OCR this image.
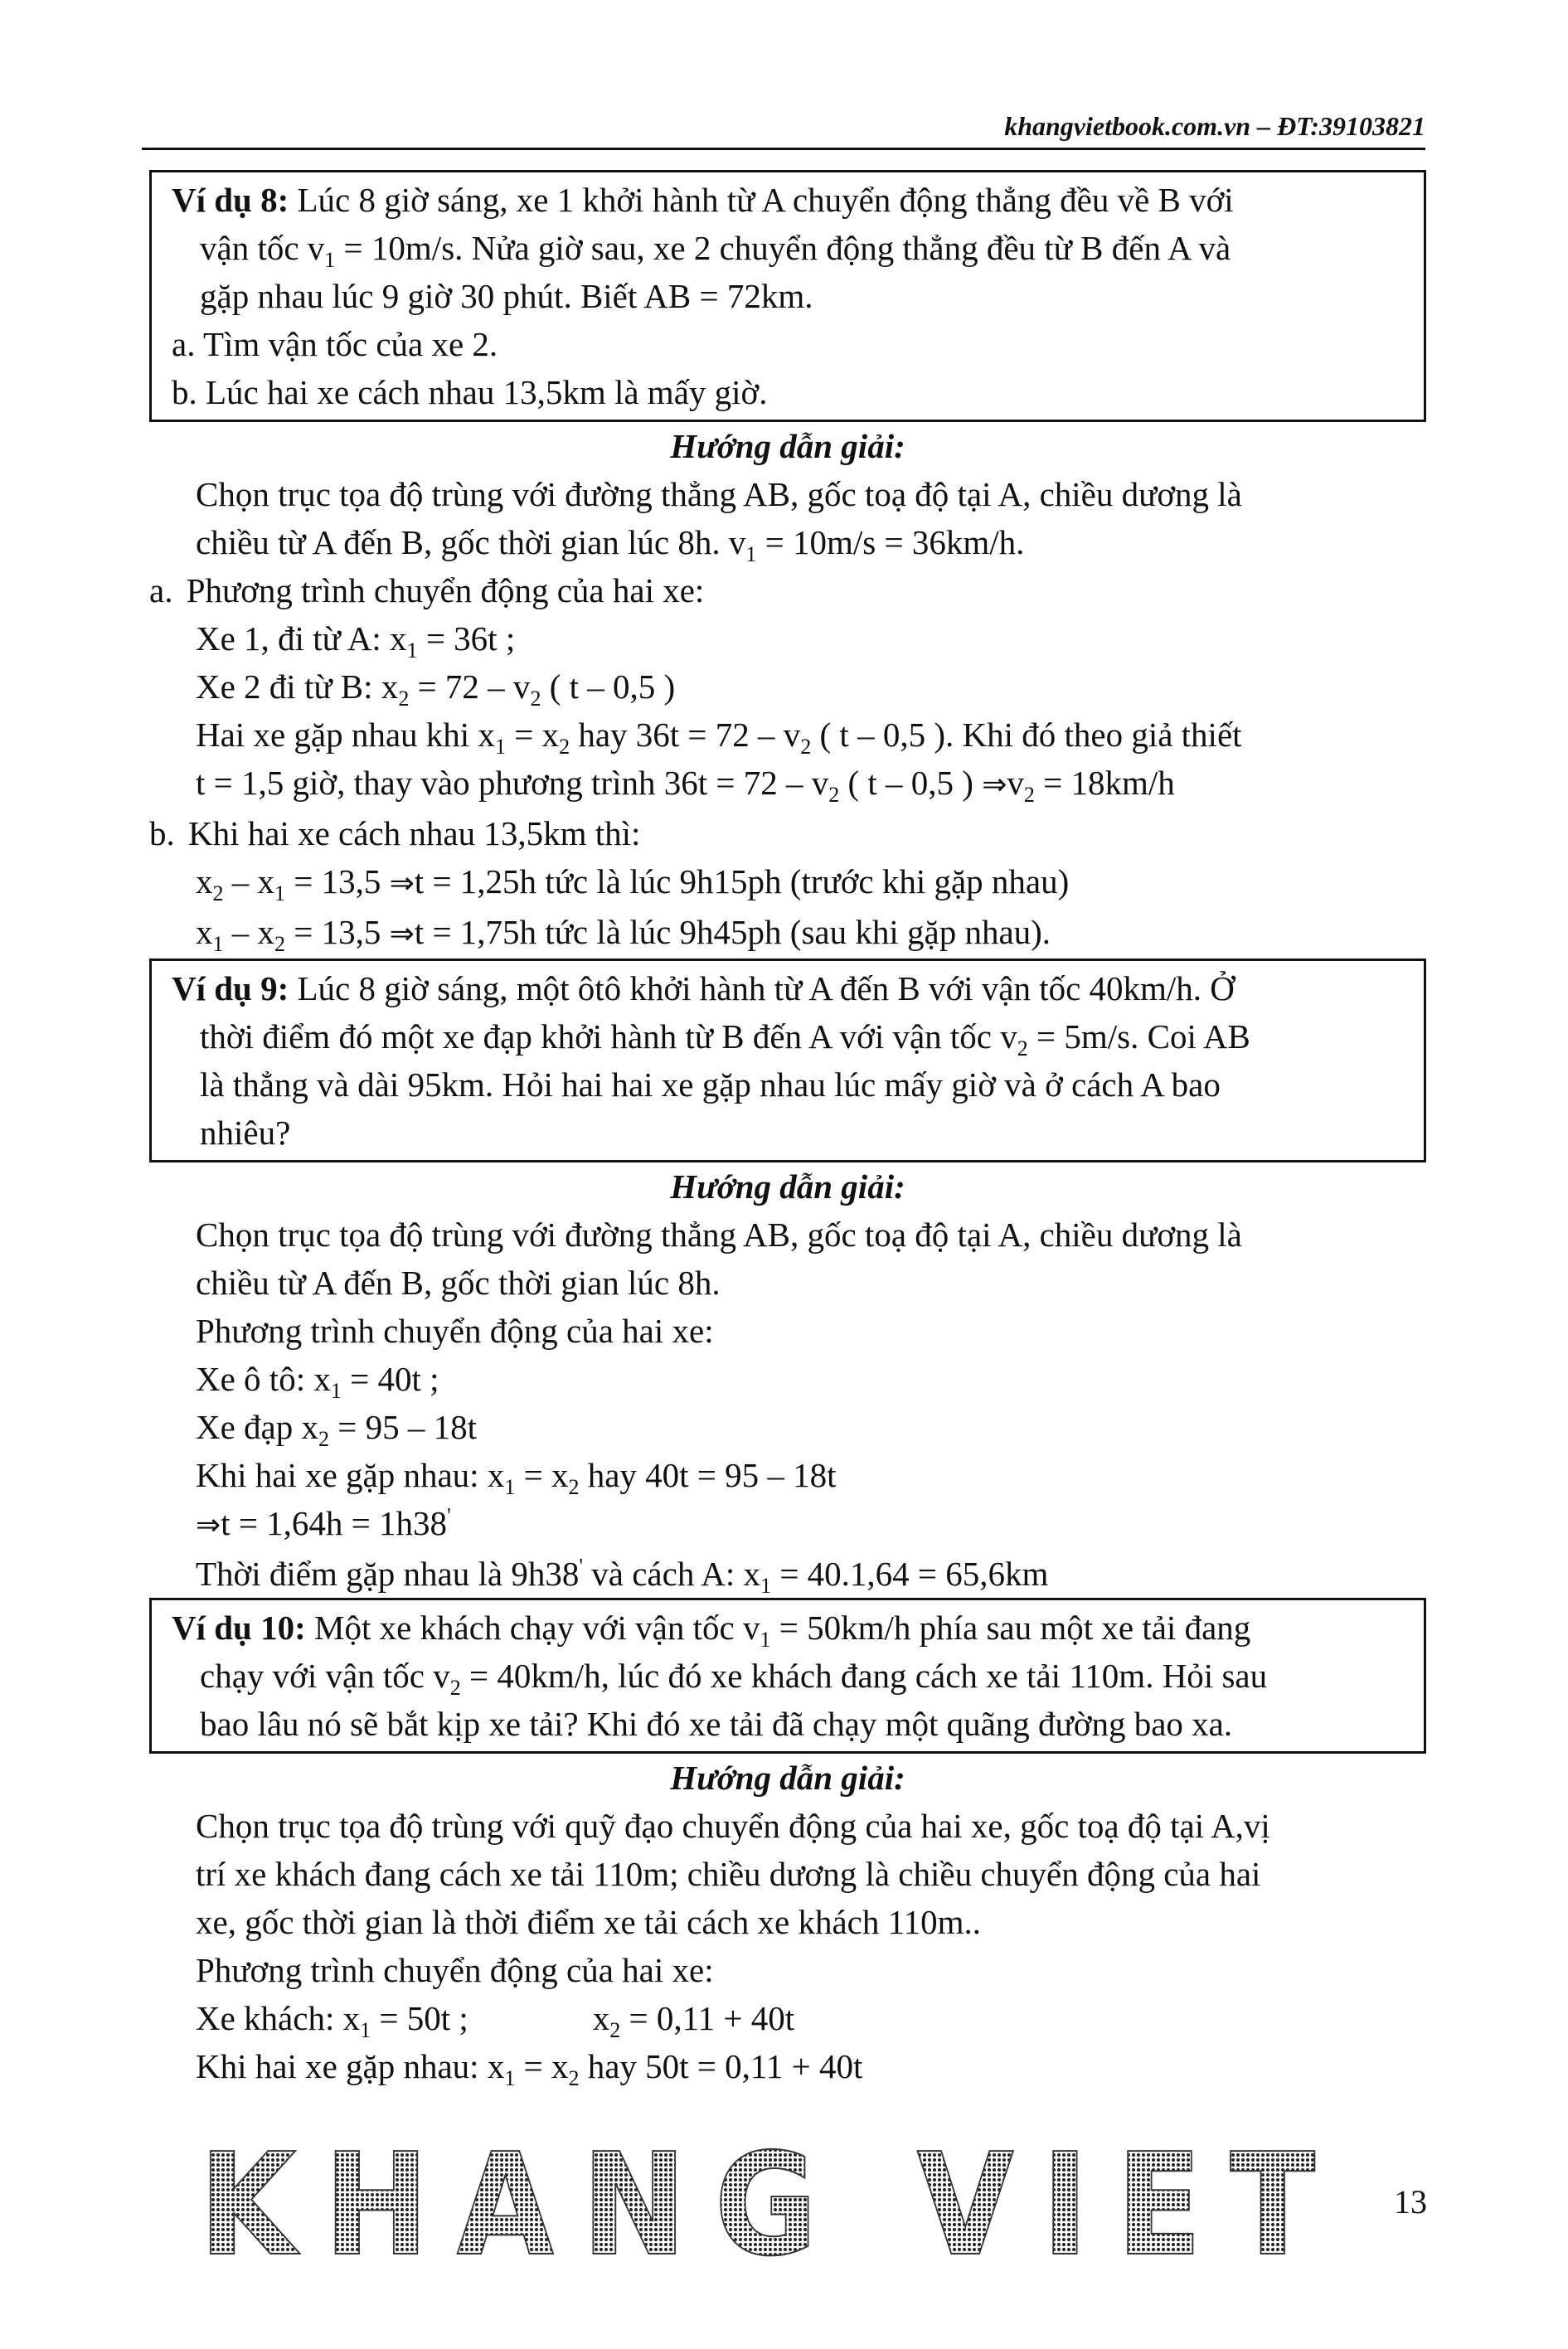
khangvietbook.com.vn – ĐT:39103821

Ví dụ 8: Lúc 8 giờ sáng, xe 1 khởi hành từ A chuyển động thẳng đều về B với

vận tốc $v_1 = 10m/s$. Nửa giờ sau, xe 2 chuyển động thẳng đều từ B đến A và

gặp nhau lúc 9 giờ 30 phút. Biết AB = 72km.

a. Tìm vận tốc của xe 2.

b. Lúc hai xe cách nhau 13,5km là mấy giờ.

Hướng dẫn giải:

Chọn trục tọa độ trùng với đường thẳng AB, gốc toạ độ tại A, chiều dương là

chiều từ A đến B, gốc thời gian lúc 8h. $v_1 = 10m/s = 36km/h$.

a. Phương trình chuyển động của hai xe:

Xe 1, đi từ A: $x_1 = 36t$ ;

Xe 2 đi từ B: $x_2 = 72 - v_2$ ( t – 0,5 )

Hai xe gặp nhau khi $x_1 = x_2$ hay $36t = 72 - v_2$ ( t – 0,5 ). Khi đó theo giả thiết

t = 1,5 giờ, thay vào phương trình $36t = 72 - v_2$ ( t – 0,5 ) $\Rightarrow v_2 = 18km/h$

b. Khi hai xe cách nhau 13,5km thì:

$x_2 - x_1 = 13,5$ ⇒t = 1,25h tức là lúc 9h15ph (trước khi gặp nhau)

$x_1 - x_2 = 13,5$ ⇒t = 1,75h tức là lúc 9h45ph (sau khi gặp nhau).

Ví dụ 9: Lúc 8 giờ sáng, một ôtô khởi hành từ A đến B với vận tốc 40km/h. Ở

thời điểm đó một xe đạp khởi hành từ B đến A với vận tốc $v_2 = 5m/s$. Coi AB

là thẳng và dài 95km. Hỏi hai hai xe gặp nhau lúc mấy giờ và ở cách A bao

nhiêu?

Hướng dẫn giải:

Chọn trục tọa độ trùng với đường thẳng AB, gốc toạ độ tại A, chiều dương là

chiều từ A đến B, gốc thời gian lúc 8h.

Phương trình chuyển động của hai xe:

Xe ô tô: $x_1 = 40t$ ;

Xe đạp $x_2 = 95 - 18t$

Khi hai xe gặp nhau: $x_1 = x_2$ hay 40t = 95 – 18t

⇒t = 1,64h = 1h38'

Thời điểm gặp nhau là 9h38' và cách A: $x_1 = 40.1,64 = 65,6km$

Ví dụ 10: Một xe khách chạy với vận tốc $v_1 = 50km/h$ phía sau một xe tải đang

chạy với vận tốc $v_2 = 40km/h$, lúc đó xe khách đang cách xe tải 110m. Hỏi sau

bao lâu nó sẽ bắt kịp xe tải? Khi đó xe tải đã chạy một quãng đường bao xa.

Hướng dẫn giải:

Chọn trục tọa độ trùng với quỹ đạo chuyển động của hai xe, gốc toạ độ tại A,vị

trí xe khách đang cách xe tải 110m; chiều dương là chiều chuyển động của hai

xe, gốc thời gian là thời điểm xe tải cách xe khách 110m..

Phương trình chuyển động của hai xe:

Xe khách: $x_1 = 50t$ ;	$x_2 = 0,11 + 40t$

Khi hai xe gặp nhau: $x_1 = x_2$ hay 50t = 0,11 + 40t

KHANG VIET 13
